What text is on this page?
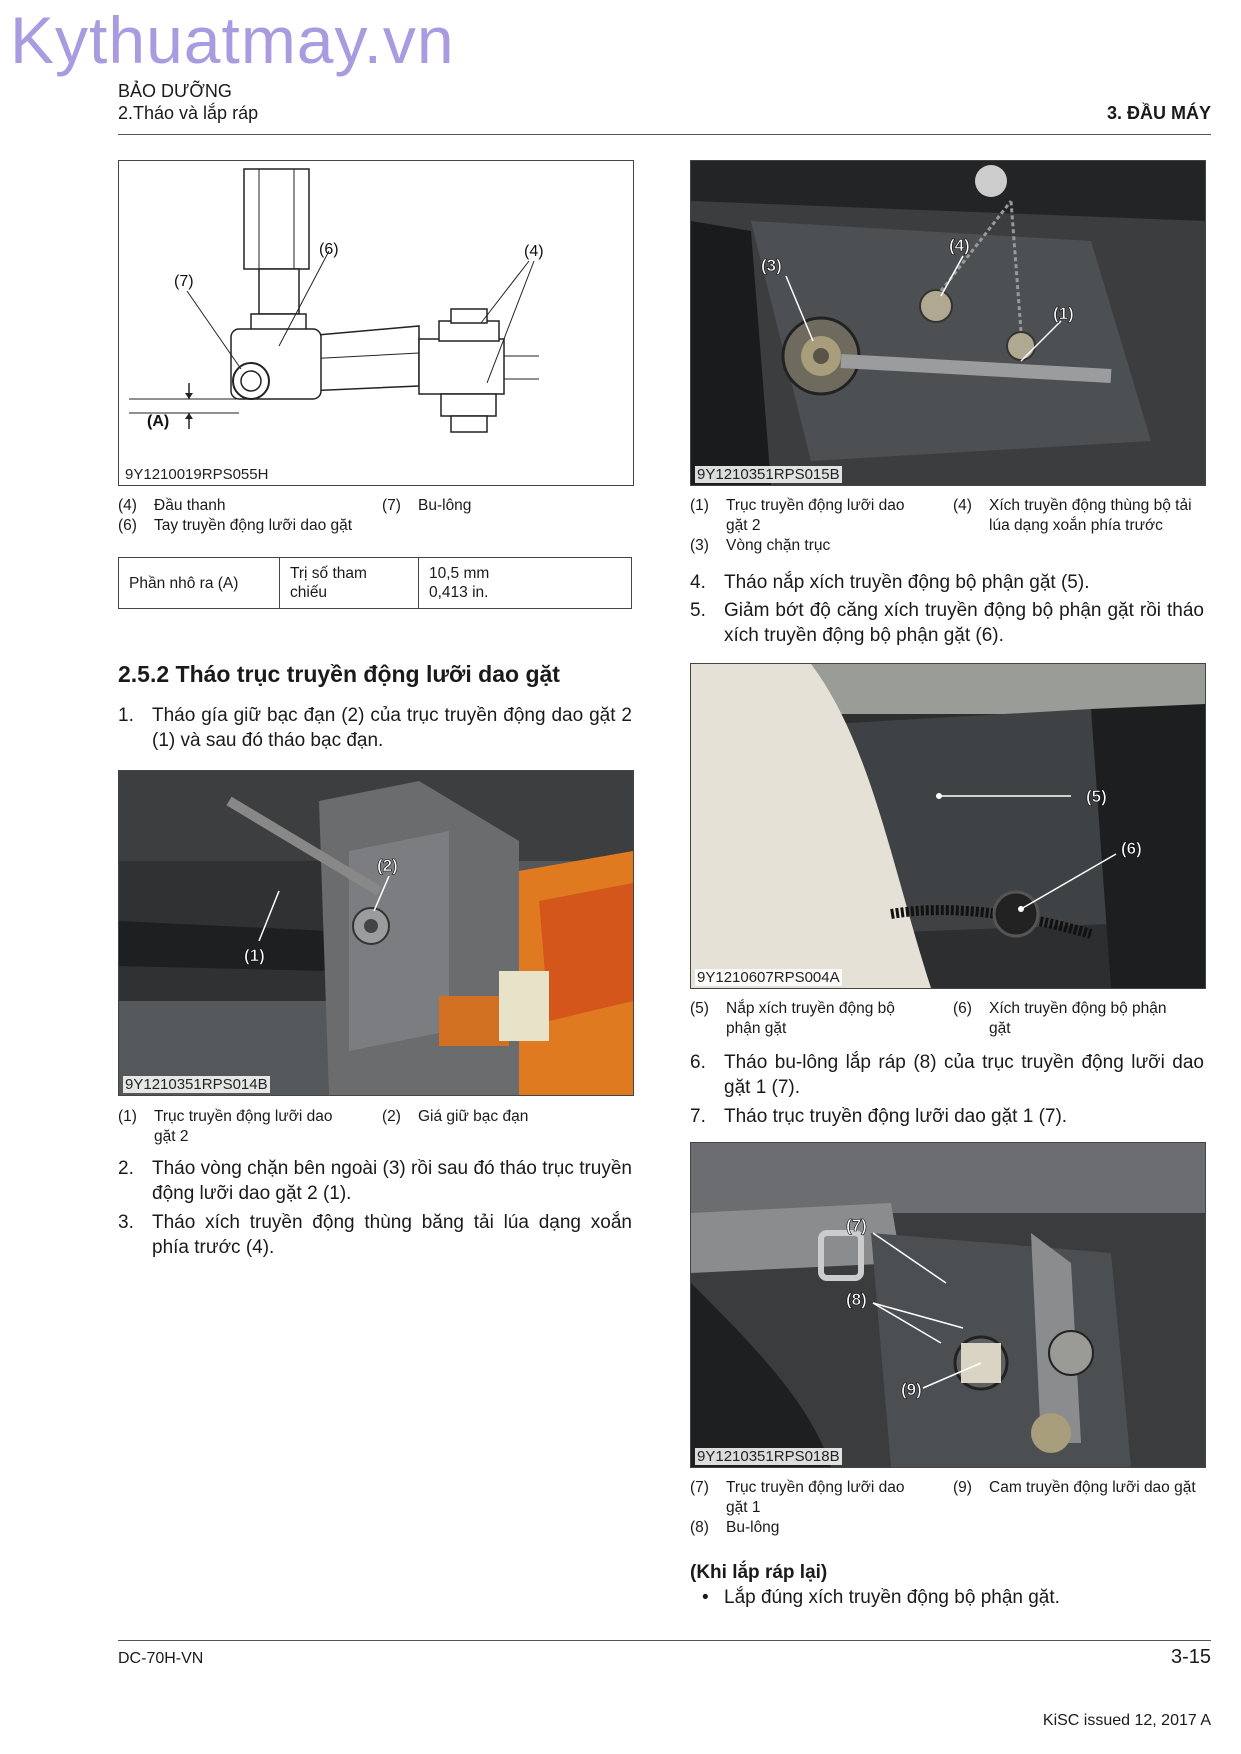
Kythuatmay.vn
BẢO DƯỠNG
2.Tháo và lắp ráp	3. ĐẦU MÁY
(6)	(4)
(7)
(A)
9Y1210019RPS055H
(4) Đầu thanh	(7) Bu-lông
(6) Tay truyền động lưỡi dao gặt
Phần nhô ra (A)	Trị số tham chiếu	10,5 mm
0,413 in.
2.5.2 Tháo trục truyền động lưỡi dao gặt
1. Tháo gía giữ bạc đạn (2) của trục truyền động dao gặt 2 (1) và sau đó tháo bạc đạn.
(2)
(1)
9Y1210351RPS014B
(1) Trục truyền động lưỡi dao gặt 2
(2) Giá giữ bạc đạn
2. Tháo vòng chặn bên ngoài (3) rồi sau đó tháo trục truyền động lưỡi dao gặt 2 (1).
3. Tháo xích truyền động thùng băng tải lúa dạng xoắn phía trước (4).
(3)
(4)
(1)
9Y1210351RPS015B
(1) Trục truyền động lưỡi dao gặt 2
(4) Xích truyền động thùng bộ tải lúa dạng xoắn phía trước
(3) Vòng chặn trục
4. Tháo nắp xích truyền động bộ phận gặt (5).
5. Giảm bớt độ căng xích truyền động bộ phận gặt rồi tháo xích truyền động bộ phận gặt (6).
(5)
(6)
9Y1210607RPS004A
(5) Nắp xích truyền động bộ phận gặt
(6) Xích truyền động bộ phận gặt
6. Tháo bu-lông lắp ráp (8) của trục truyền động lưỡi dao gặt 1 (7).
7. Tháo trục truyền động lưỡi dao gặt 1 (7).
(7)
(8)
(9)
9Y1210351RPS018B
(7) Trục truyền động lưỡi dao gặt 1
(9) Cam truyền động lưỡi dao gặt
(8) Bu-lông
(Khi lắp ráp lại)
• Lắp đúng xích truyền động bộ phận gặt.
DC-70H-VN	3-15
KiSC issued 12, 2017 A
